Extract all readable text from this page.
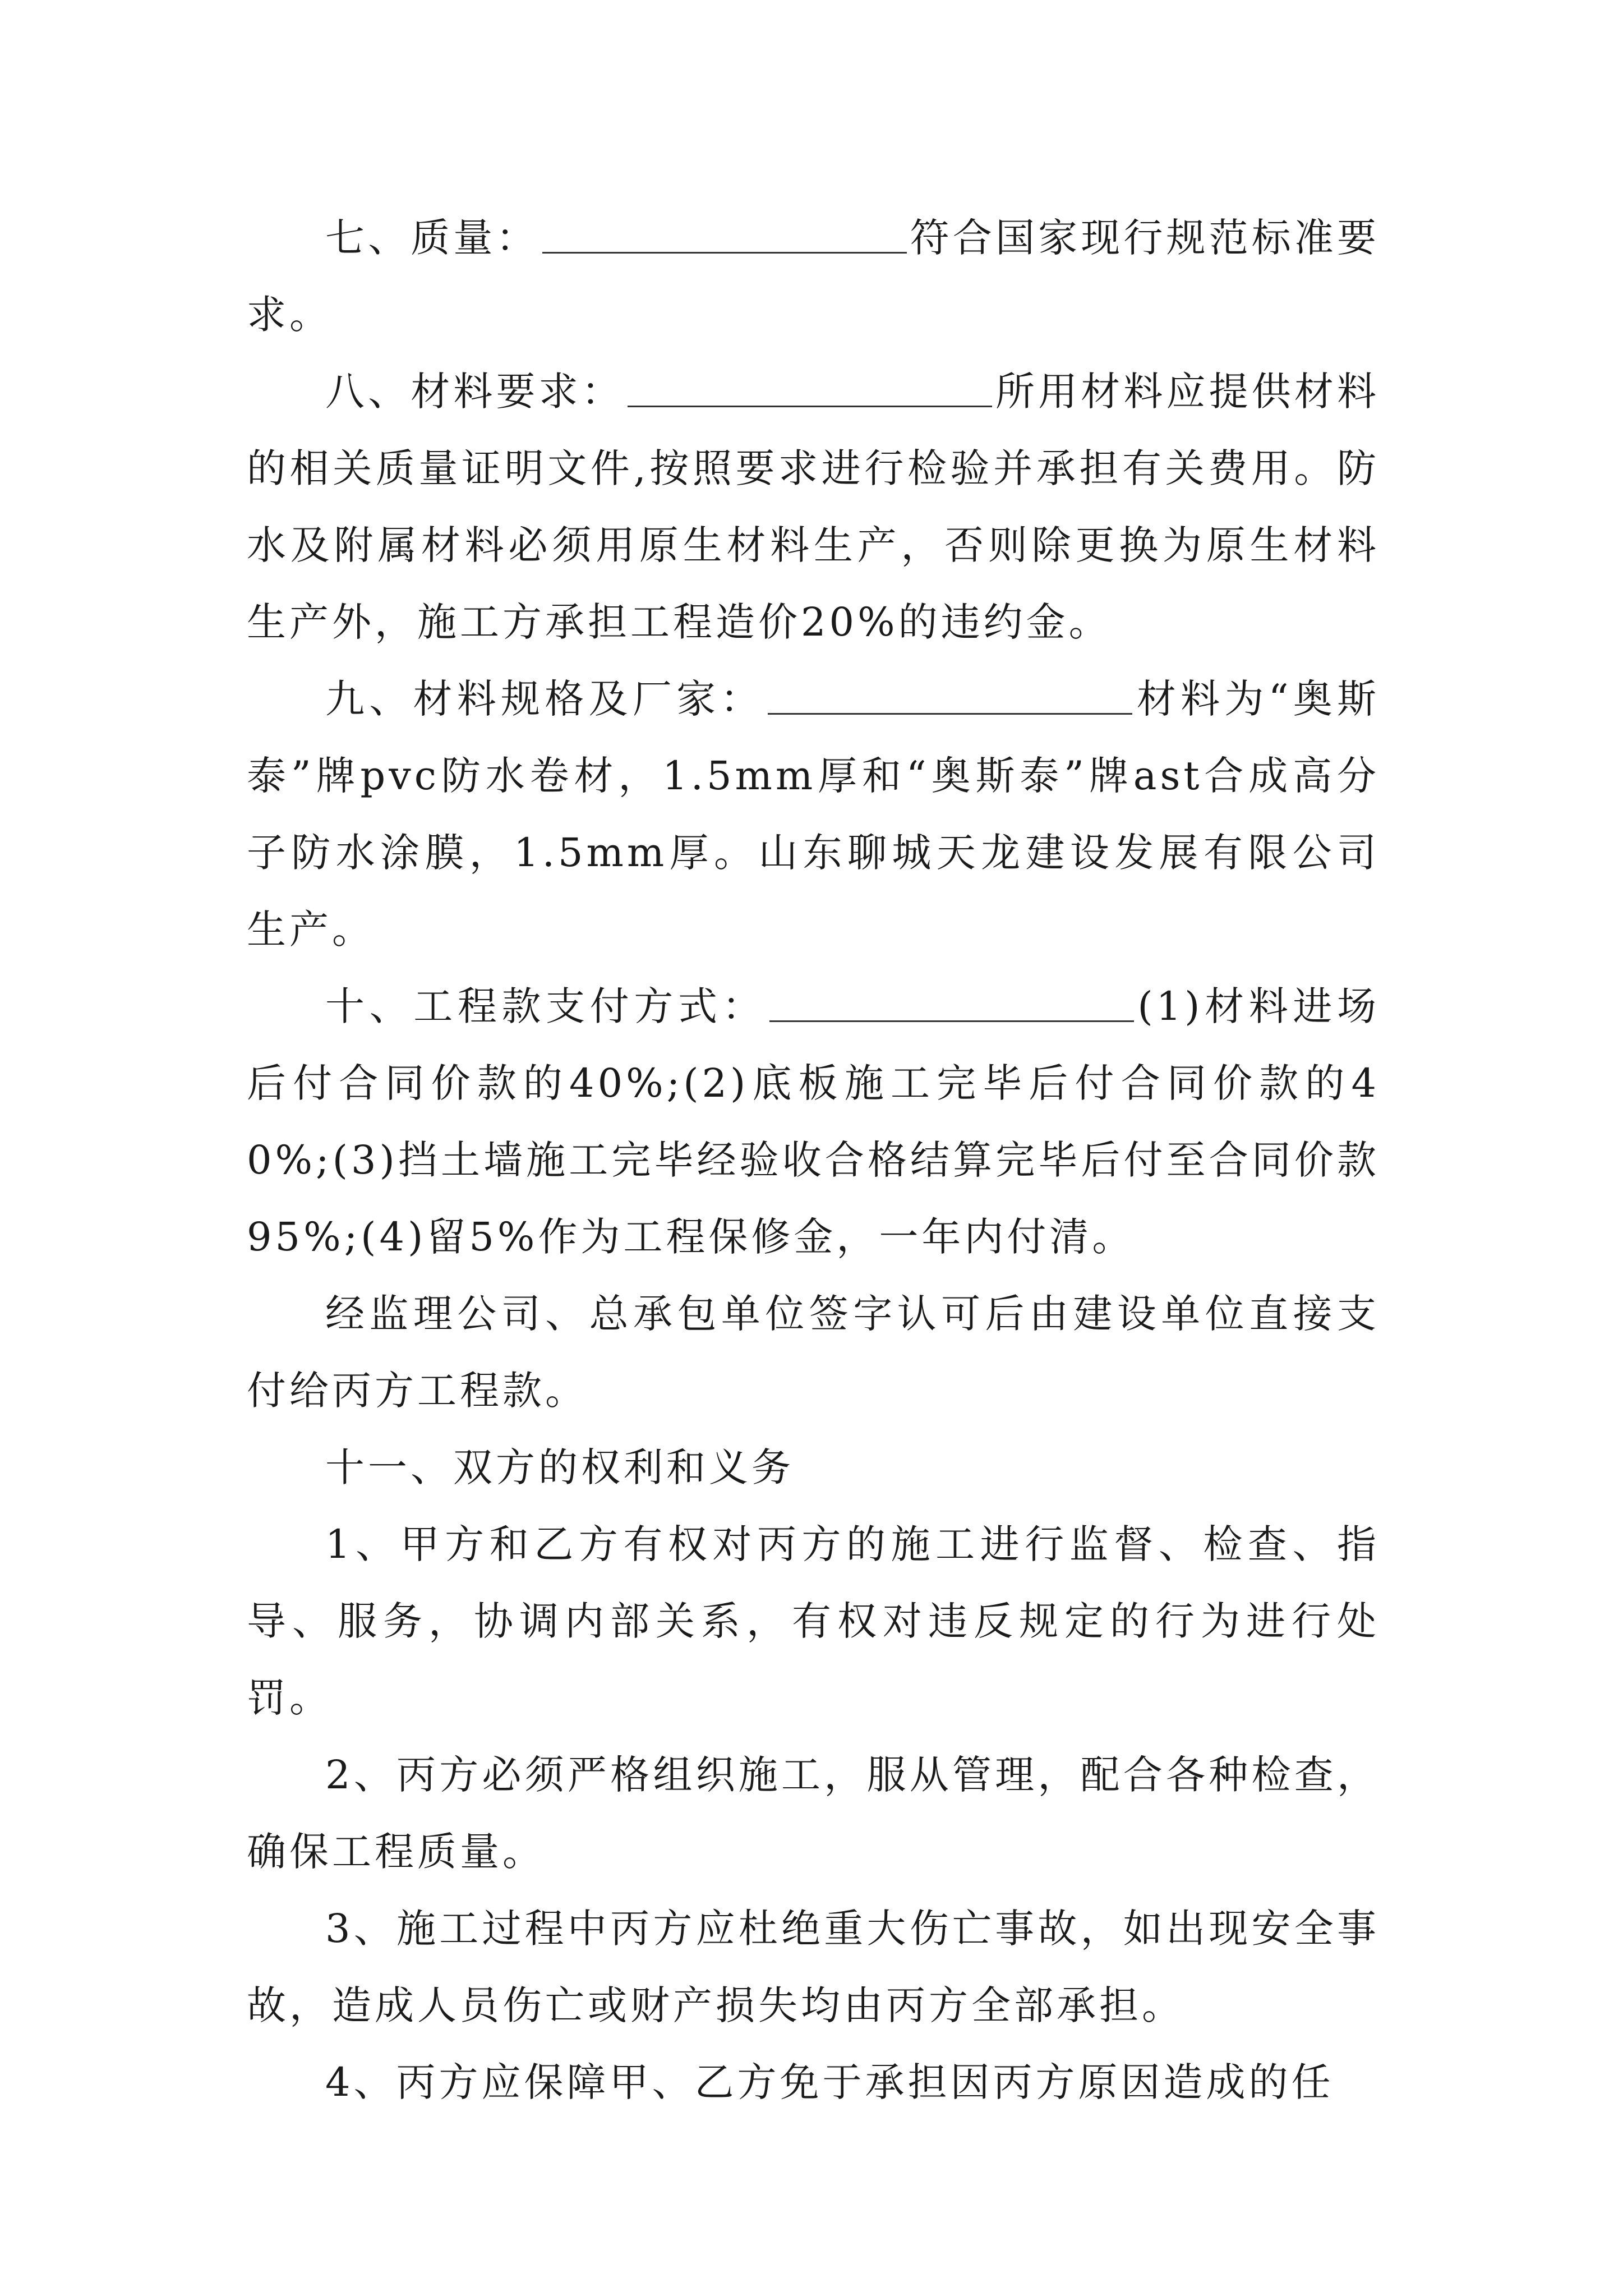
七、质量：	符合国家现行规范标准要求。

八、材料要求：	所用材料应提供材料的相关质量证明文件,按照要求进行检验并承担有关费用。防水及附属材料必须用原生材料生产，否则除更换为原生材料生产外，施工方承担工程造价20%的违约金。

九、材料规格及厂家：	材料为“奥斯泰”牌pvc防水卷材，1.5mm厚和“奥斯泰”牌ast合成高分子防水涂膜，1.5mm厚。山东聊城天龙建设发展有限公司生产。

十、工程款支付方式：	(1)材料进场后付合同价款的40%;(2)底板施工完毕后付合同价款的40%;(3)挡土墙施工完毕经验收合格结算完毕后付至合同价款95%;(4)留5%作为工程保修金，一年内付清。

经监理公司、总承包单位签字认可后由建设单位直接支付给丙方工程款。

十一、双方的权利和义务

1、甲方和乙方有权对丙方的施工进行监督、检查、指导、服务，协调内部关系，有权对违反规定的行为进行处罚。

2、丙方必须严格组织施工，服从管理，配合各种检查，确保工程质量。

3、施工过程中丙方应杜绝重大伤亡事故，如出现安全事故，造成人员伤亡或财产损失均由丙方全部承担。

4、丙方应保障甲、乙方免于承担因丙方原因造成的任
